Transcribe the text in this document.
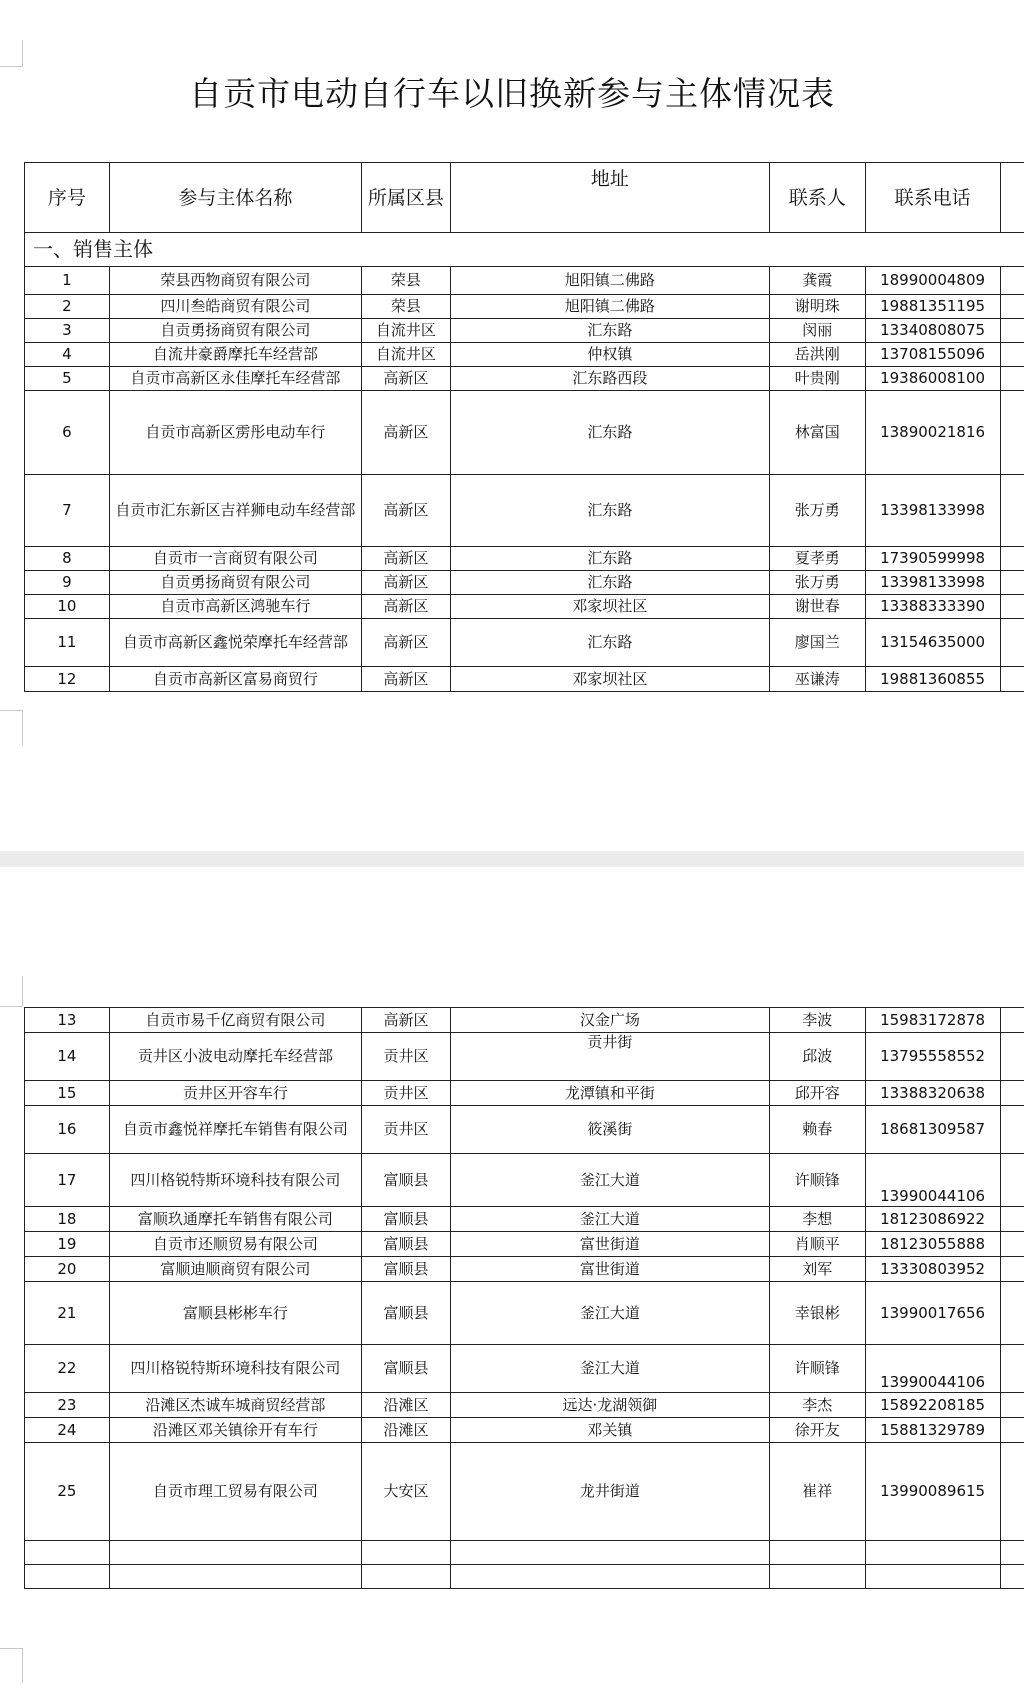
自贡市电动自行车以旧换新参与主体情况表
序号	参与主体名称	所属区县	地址	联系人	联系电话	
一、销售主体						
1	荣县西物商贸有限公司	荣县	旭阳镇二佛路	龚霞	18990004809	
2	四川叁皓商贸有限公司	荣县	旭阳镇二佛路	谢明珠	19881351195	
3	自贡勇扬商贸有限公司	自流井区	汇东路	闵丽	13340808075	
4	自流井豪爵摩托车经营部	自流井区	仲权镇	岳洪刚	13708155096	
5	自贡市高新区永佳摩托车经营部	高新区	汇东路西段	叶贵刚	19386008100	
6	自贡市高新区雳彤电动车行	高新区	汇东路	林富国	13890021816	
7	自贡市汇东新区吉祥狮电动车经营部	高新区	汇东路	张万勇	13398133998	
8	自贡市一言商贸有限公司	高新区	汇东路	夏孝勇	17390599998	
9	自贡勇扬商贸有限公司	高新区	汇东路	张万勇	13398133998	
10	自贡市高新区鸿驰车行	高新区	邓家坝社区	谢世春	13388333390	
11	自贡市高新区鑫悦荣摩托车经营部	高新区	汇东路	廖国兰	13154635000	
12	自贡市高新区富易商贸行	高新区	邓家坝社区	巫谦涛	19881360855	
13	自贡市易千亿商贸有限公司	高新区	汉金广场	李波	15983172878	
14	贡井区小波电动摩托车经营部	贡井区	贡井街	邱波	13795558552	
15	贡井区开容车行	贡井区	龙潭镇和平街	邱开容	13388320638	
16	自贡市鑫悦祥摩托车销售有限公司	贡井区	筱溪街	赖春	18681309587	
17	四川格锐特斯环境科技有限公司	富顺县	釜江大道	许顺锋	13990044106	
18	富顺玖通摩托车销售有限公司	富顺县	釜江大道	李想	18123086922	
19	自贡市还顺贸易有限公司	富顺县	富世街道	肖顺平	18123055888	
20	富顺迪顺商贸有限公司	富顺县	富世街道	刘军	13330803952	
21	富顺县彬彬车行	富顺县	釜江大道	幸银彬	13990017656	
22	四川格锐特斯环境科技有限公司	富顺县	釜江大道	许顺锋	13990044106	
23	沿滩区杰诚车城商贸经营部	沿滩区	远达·龙湖领御	李杰	15892208185	
24	沿滩区邓关镇徐开有车行	沿滩区	邓关镇	徐开友	15881329789	
25	自贡市理工贸易有限公司	大安区	龙井街道	崔祥	13990089615	
